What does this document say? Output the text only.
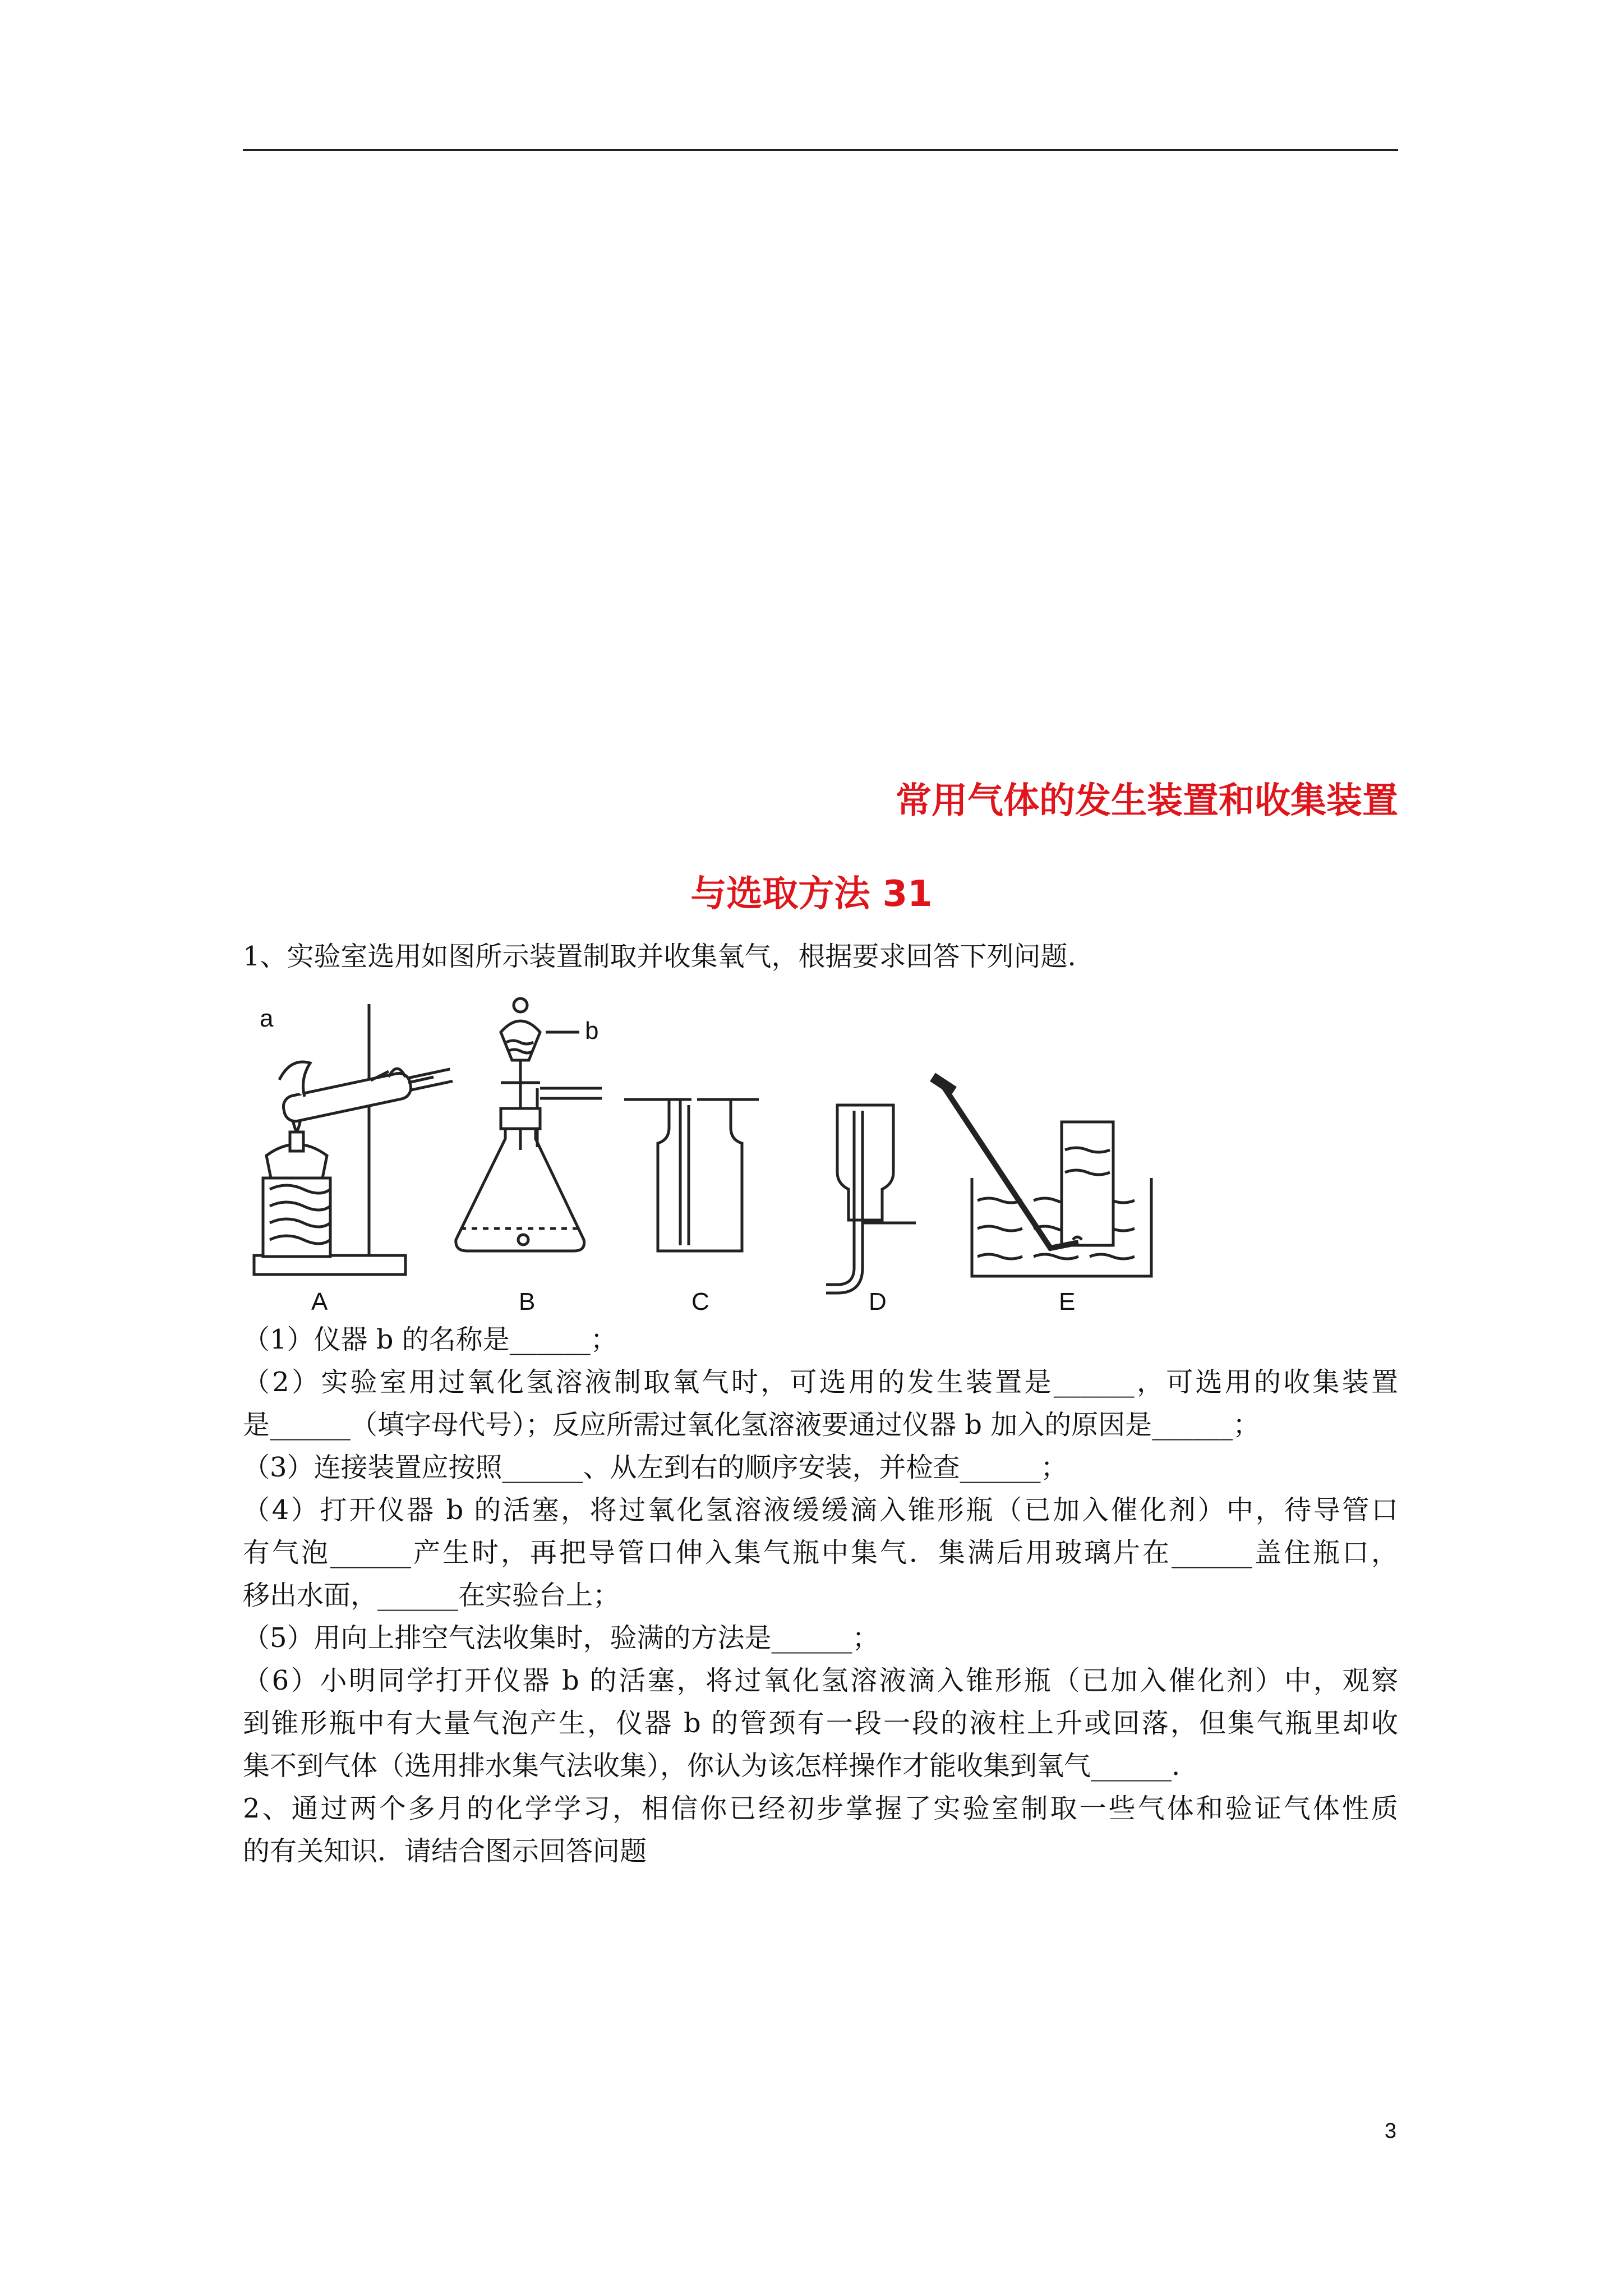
常用气体的发生装置和收集装置
与选取方法 31
1、实验室选用如图所示装置制取并收集氧气，根据要求回答下列问题.
a	b
A	B	C	D	E
（1）仪器 b 的名称是______；
（2）实验室用过氧化氢溶液制取氧气时，可选用的发生装置是______，可选用的收集装置
是______（填字母代号）；反应所需过氧化氢溶液要通过仪器 b 加入的原因是______；
（3）连接装置应按照______、从左到右的顺序安装，并检查______；
（4）打开仪器 b 的活塞，将过氧化氢溶液缓缓滴入锥形瓶（已加入催化剂）中，待导管口
有气泡______产生时，再把导管口伸入集气瓶中集气．集满后用玻璃片在______盖住瓶口，
移出水面，______在实验台上；
（5）用向上排空气法收集时，验满的方法是______；
（6）小明同学打开仪器 b 的活塞，将过氧化氢溶液滴入锥形瓶（已加入催化剂）中，观察
到锥形瓶中有大量气泡产生，仪器 b 的管颈有一段一段的液柱上升或回落，但集气瓶里却收
集不到气体（选用排水集气法收集），你认为该怎样操作才能收集到氧气______.
2、通过两个多月的化学学习，相信你已经初步掌握了实验室制取一些气体和验证气体性质
的有关知识．请结合图示回答问题
3
